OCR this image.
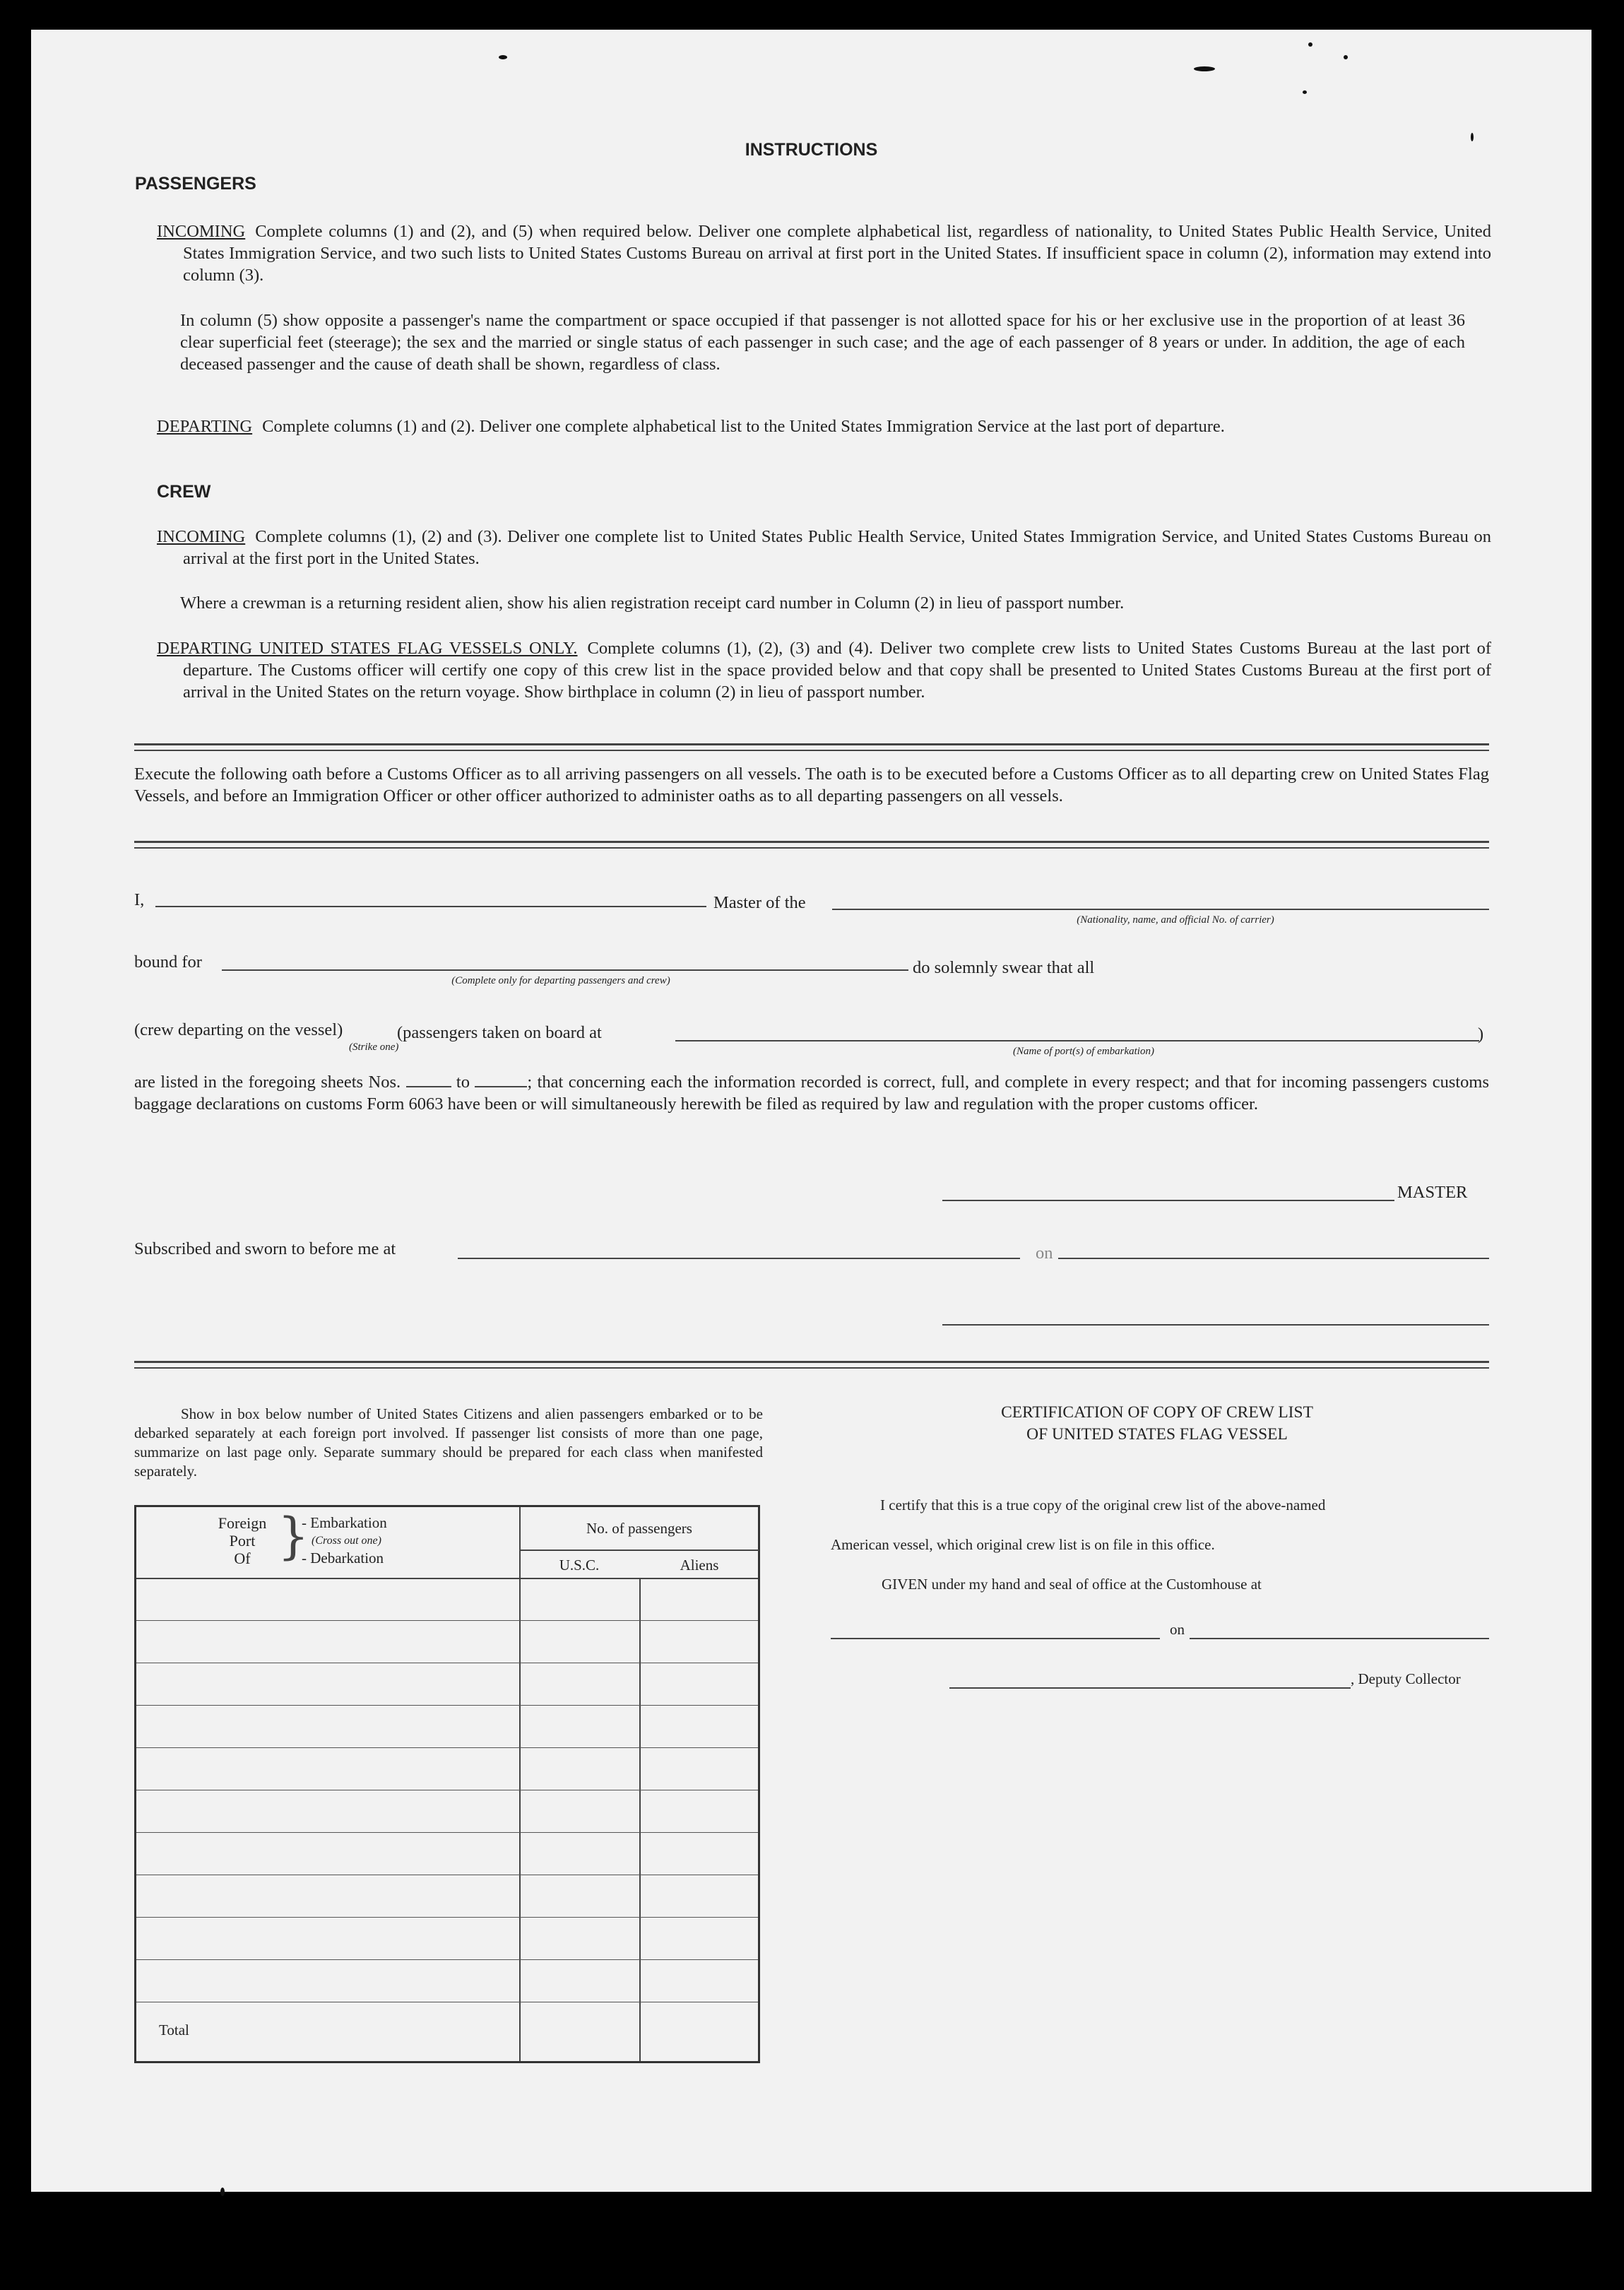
INSTRUCTIONS
PASSENGERS
INCOMING Complete columns (1) and (2), and (5) when required below. Deliver one complete alphabetical list, regardless of nationality, to United States Public Health Service, United States Immigration Service, and two such lists to United States Customs Bureau on arrival at first port in the United States. If insufficient space in column (2), information may extend into column (3).
In column (5) show opposite a passenger's name the compartment or space occupied if that passenger is not allotted space for his or her exclusive use in the proportion of at least 36 clear superficial feet (steerage); the sex and the married or single status of each passenger in such case; and the age of each passenger of 8 years or under. In addition, the age of each deceased passenger and the cause of death shall be shown, regardless of class.
DEPARTING Complete columns (1) and (2). Deliver one complete alphabetical list to the United States Immigration Service at the last port of departure.
CREW
INCOMING Complete columns (1), (2) and (3). Deliver one complete list to United States Public Health Service, United States Immigration Service, and United States Customs Bureau on arrival at the first port in the United States.
Where a crewman is a returning resident alien, show his alien registration receipt card number in Column (2) in lieu of passport number.
DEPARTING UNITED STATES FLAG VESSELS ONLY. Complete columns (1), (2), (3) and (4). Deliver two complete crew lists to United States Customs Bureau at the last port of departure. The Customs officer will certify one copy of this crew list in the space provided below and that copy shall be presented to United States Customs Bureau at the first port of arrival in the United States on the return voyage. Show birthplace in column (2) in lieu of passport number.
Execute the following oath before a Customs Officer as to all arriving passengers on all vessels. The oath is to be executed before a Customs Officer as to all departing crew on United States Flag Vessels, and before an Immigration Officer or other officer authorized to administer oaths as to all departing passengers on all vessels.
I,	Master of the
(Nationality, name, and official No. of carrier)
bound for
(Complete only for departing passengers and crew)
do solemnly swear that all
(crew departing on the vessel)
(Strike one)
(passengers taken on board at	)
(Name of port(s) of embarkation)
are listed in the foregoing sheets Nos.	to	; that concerning each the information recorded is correct, full, and complete in every respect; and that for incoming passengers customs baggage declarations on customs Form 6063 have been or will simultaneously herewith be filed as required by law and regulation with the proper customs officer.
MASTER
Subscribed and sworn to before me at	on
Show in box below number of United States Citizens and alien passengers embarked or to be debarked separately at each foreign port involved. If passenger list consists of more than one page, summarize on last page only. Separate summary should be prepared for each class when manifested separately.
Foreign
Port
Of }
- Embarkation
(Cross out one)
- Debarkation
No. of passengers
U.S.C.	Aliens
Total
CERTIFICATION OF COPY OF CREW LIST
OF UNITED STATES FLAG VESSEL
I certify that this is a true copy of the original crew list of the above-named
American vessel, which original crew list is on file in this office.
GIVEN under my hand and seal of office at the Customhouse at
on
, Deputy Collector
